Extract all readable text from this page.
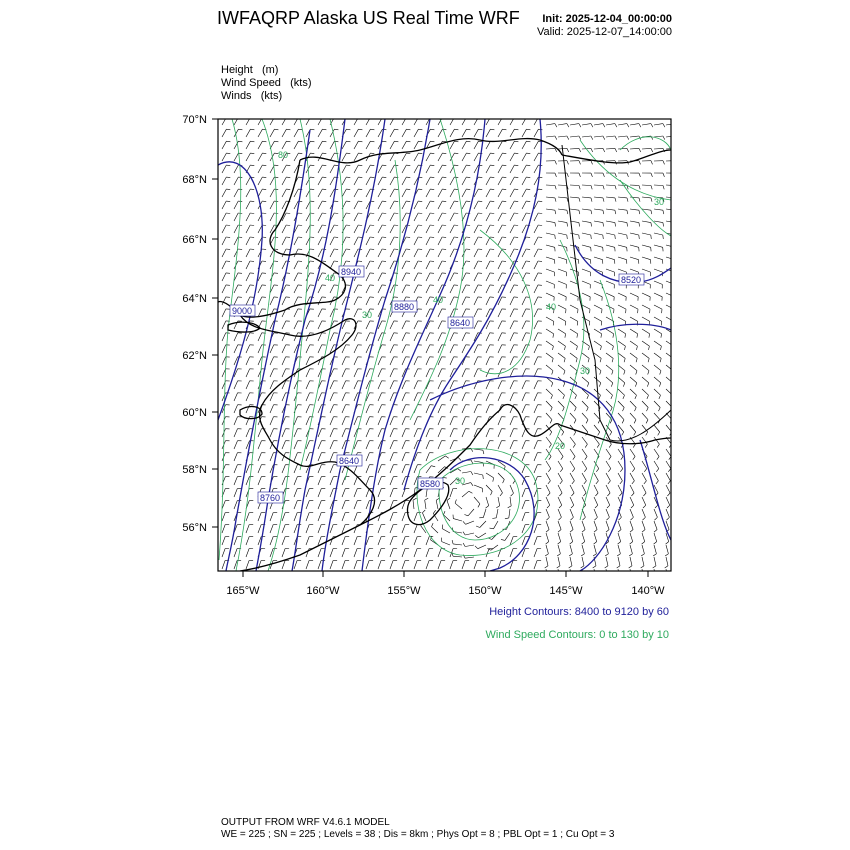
IWFAQRP Alaska US Real Time WRF	Init: 2025-12-04_00:00:00
Valid: 2025-12-07_14:00:00
Height   (m)
Wind Speed   (kts)
Winds   (kts)
70°N
68°N
66°N
64°N
62°N
60°N
58°N
56°N
165°W	160°W	155°W	150°W	145°W	140°W
9000
8940
8880
8760
8640
8520
8640
8580
80
40
30
40
40
30
20
30
30
Height Contours: 8400 to 9120 by 60
Wind Speed Contours: 0 to 130 by 10
OUTPUT FROM WRF V4.6.1 MODEL
WE = 225 ; SN = 225 ; Levels = 38 ; Dis = 8km ; Phys Opt = 8 ; PBL Opt = 1 ; Cu Opt = 3
